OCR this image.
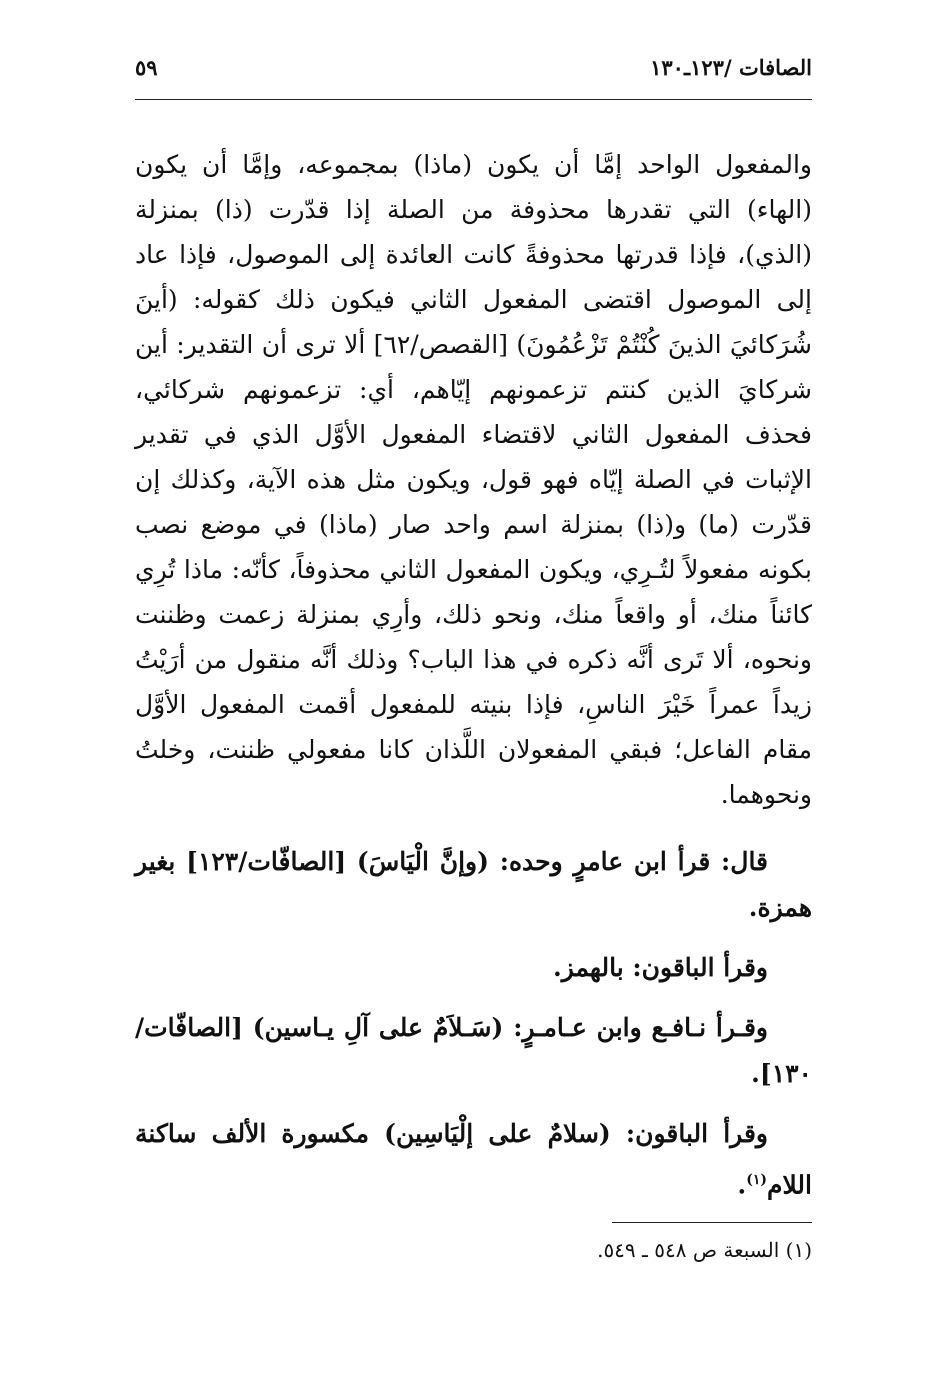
الصافات /١٢٣ـ١٣٠
٥٩

والمفعول الواحد إمَّا أن يكون (ماذا) بمجموعه، وإمَّا أن يكون (الهاء) التي تقدرها محذوفة من الصلة إذا قدّرت (ذا) بمنزلة (الذي)، فإذا قدرتها محذوفةً كانت العائدة إلى الموصول، فإذا عاد إلى الموصول اقتضى المفعول الثاني فيكون ذلك كقوله: (أينَ شُرَكائيَ الذينَ كُنْتُمْ تَزْعُمُونَ) [القصص/٦٢] ألا ترى أن التقدير: أين شركايَ الذين كنتم تزعمونهم إيّاهم، أي: تزعمونهم شركائي، فحذف المفعول الثاني لاقتضاء المفعول الأوَّل الذي في تقدير الإثبات في الصلة إيّاه فهو قول، ويكون مثل هذه الآية، وكذلك إن قدّرت (ما) و(ذا) بمنزلة اسم واحد صار (ماذا) في موضع نصب بكونه مفعولاً لتُـرِي، ويكون المفعول الثاني محذوفاً، كأنّه: ماذا تُرِي كائناً منك، أو واقعاً منك، ونحو ذلك، وأرِي بمنزلة زعمت وظننت ونحوه، ألا تَرى أنَّه ذكره في هذا الباب؟ وذلك أنَّه منقول من أرَيْتُ زيداً عمراً خَيْرَ الناسِ، فإذا بنيته للمفعول أقمت المفعول الأوَّل مقام الفاعل؛ فبقي المفعولان اللَّذان كانا مفعولي ظننت، وخلتُ ونحوهما.

قال: قرأ ابن عامرٍ وحده: (وإنَّ الْيَاسَ) [الصافّات/١٢٣] بغير همزة.

وقرأ الباقون: بالهمز.

وقـرأ نـافـع وابن عـامـرٍ: (سَـلاَمٌ على آلِ يـاسين) [الصافّات/١٣٠].

وقرأ الباقون: (سلامٌ على إلْيَاسِين) مكسورة الألف ساكنة اللام$^{(١)}$.

(١) السبعة ص ٥٤٨ ـ ٥٤٩.
